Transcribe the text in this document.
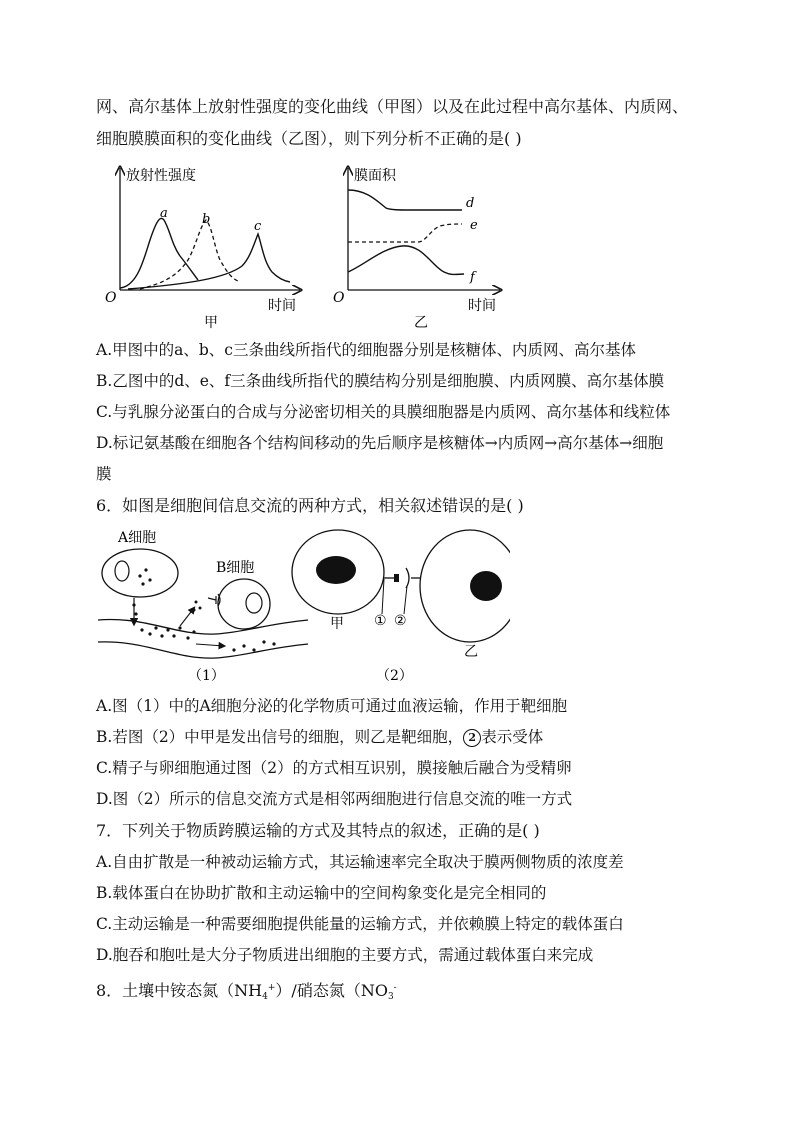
网、高尔基体上放射性强度的变化曲线（甲图）以及在此过程中高尔基体、内质网、
细胞膜膜面积的变化曲线（乙图），则下列分析不正确的是( )
放射性强度
O	时间
甲
a	b	c
膜面积
O	时间
乙
d
e
f
A.甲图中的a、b、c三条曲线所指代的细胞器分别是核糖体、内质网、高尔基体
B.乙图中的d、e、f三条曲线所指代的膜结构分别是细胞膜、内质网膜、高尔基体膜
C.与乳腺分泌蛋白的合成与分泌密切相关的具膜细胞器是内质网、高尔基体和线粒体
D.标记氨基酸在细胞各个结构间移动的先后顺序是核糖体→内质网→高尔基体→细胞
膜
6．如图是细胞间信息交流的两种方式，相关叙述错误的是( )
A细胞
B细胞
（1）
甲 ① ②
乙
（2）
A.图（1）中的A细胞分泌的化学物质可通过血液运输，作用于靶细胞
B.若图（2）中甲是发出信号的细胞，则乙是靶细胞， 2 表示受体
C.精子与卵细胞通过图（2）的方式相互识别，膜接触后融合为受精卵
D.图（2）所示的信息交流方式是相邻两细胞进行信息交流的唯一方式
7．下列关于物质跨膜运输的方式及其特点的叙述，正确的是( )
A.自由扩散是一种被动运输方式，其运输速率完全取决于膜两侧物质的浓度差
B.载体蛋白在协助扩散和主动运输中的空间构象变化是完全相同的
C.主动运输是一种需要细胞提供能量的运输方式，并依赖膜上特定的载体蛋白
D.胞吞和胞吐是大分子物质进出细胞的主要方式，需通过载体蛋白来完成
8．土壤中铵态氮$(NH_4^+)/$硝态氮（$NO_3^-$
